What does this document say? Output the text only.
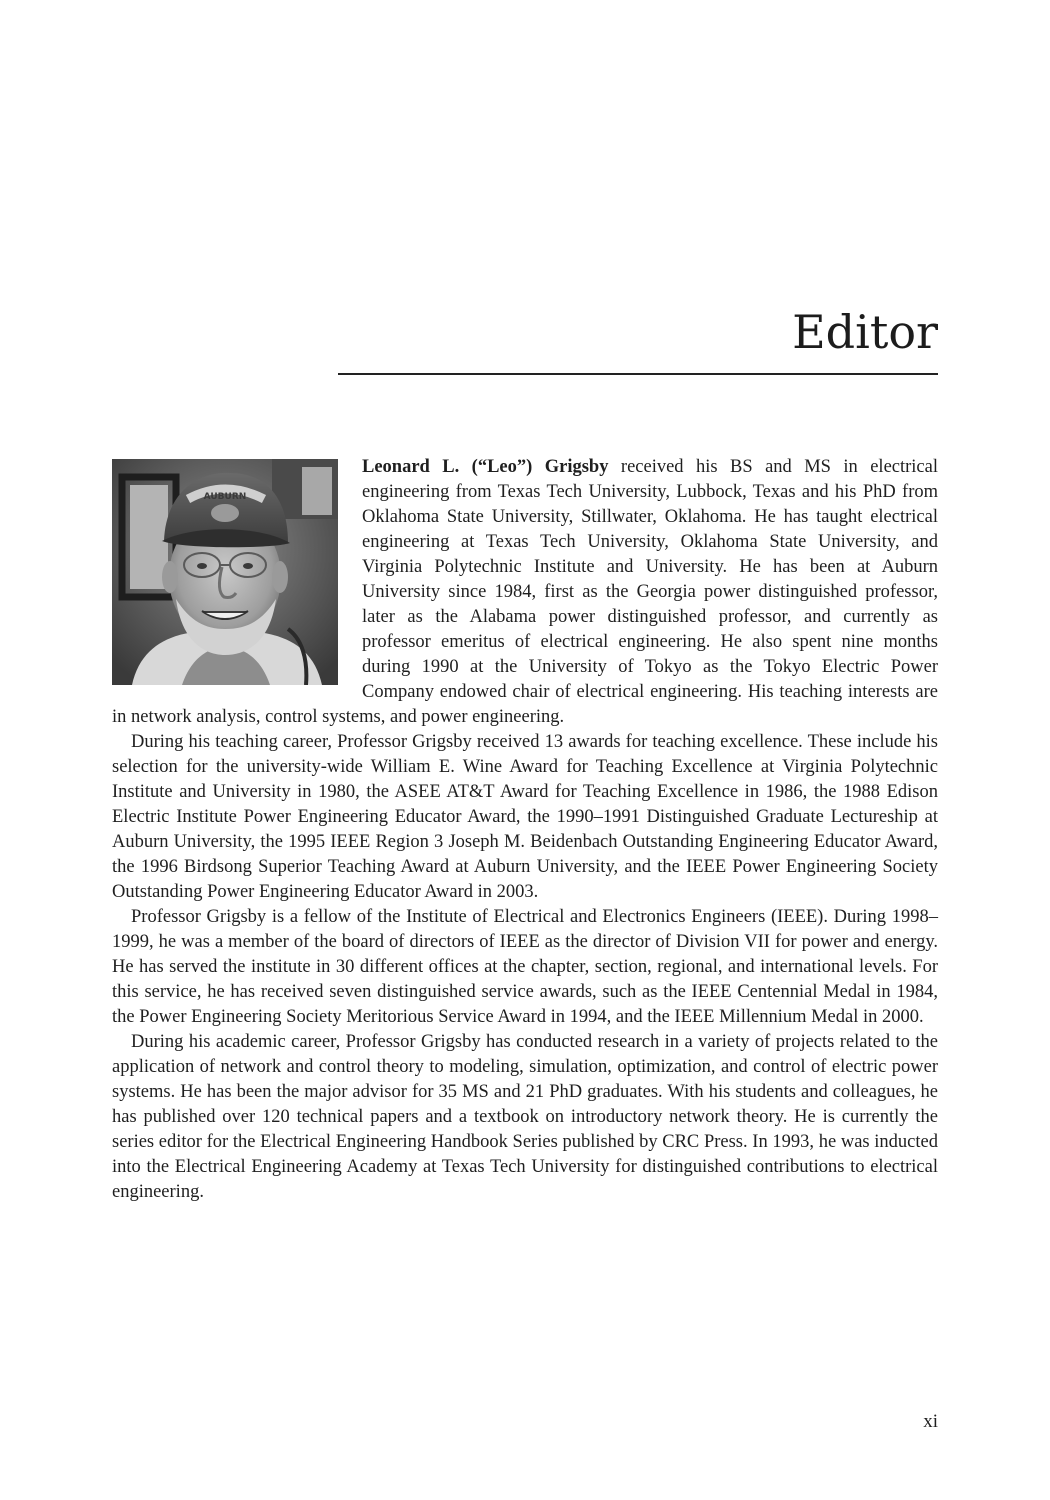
Editor
AUBURN

Leonard L. (“Leo”) Grigsby received his BS and MS in electrical engineering from Texas Tech University, Lubbock, Texas and his PhD from Oklahoma State University, Stillwater, Oklahoma. He has taught electrical engineering at Texas Tech University, Oklahoma State University, and Virginia Polytechnic Institute and University. He has been at Auburn University since 1984, first as the Georgia power distinguished professor, later as the Alabama power distinguished professor, and currently as professor emeritus of electrical engineering. He also spent nine months during 1990 at the University of Tokyo as the Tokyo Electric Power Company endowed chair of electrical engineering. His teaching interests are in network analysis, control systems, and power engineering.

During his teaching career, Professor Grigsby received 13 awards for teaching excellence. These include his selection for the university-wide William E. Wine Award for Teaching Excellence at Virginia Polytechnic Institute and University in 1980, the ASEE AT&T Award for Teaching Excellence in 1986, the 1988 Edison Electric Institute Power Engineering Educator Award, the 1990–1991 Distinguished Graduate Lectureship at Auburn University, the 1995 IEEE Region 3 Joseph M. Beidenbach Outstanding Engineering Educator Award, the 1996 Birdsong Superior Teaching Award at Auburn University, and the IEEE Power Engineering Society Outstanding Power Engineering Educator Award in 2003.

Professor Grigsby is a fellow of the Institute of Electrical and Electronics Engineers (IEEE). During 1998–1999, he was a member of the board of directors of IEEE as the director of Division VII for power and energy. He has served the institute in 30 different offices at the chapter, section, regional, and international levels. For this service, he has received seven distinguished service awards, such as the IEEE Centennial Medal in 1984, the Power Engineering Society Meritorious Service Award in 1994, and the IEEE Millennium Medal in 2000.

During his academic career, Professor Grigsby has conducted research in a variety of projects related to the application of network and control theory to modeling, simulation, optimization, and control of electric power systems. He has been the major advisor for 35 MS and 21 PhD graduates. With his students and colleagues, he has published over 120 technical papers and a textbook on introductory network theory. He is currently the series editor for the Electrical Engineering Handbook Series published by CRC Press. In 1993, he was inducted into the Electrical Engineering Academy at Texas Tech University for distinguished contributions to electrical engineering.

xi
